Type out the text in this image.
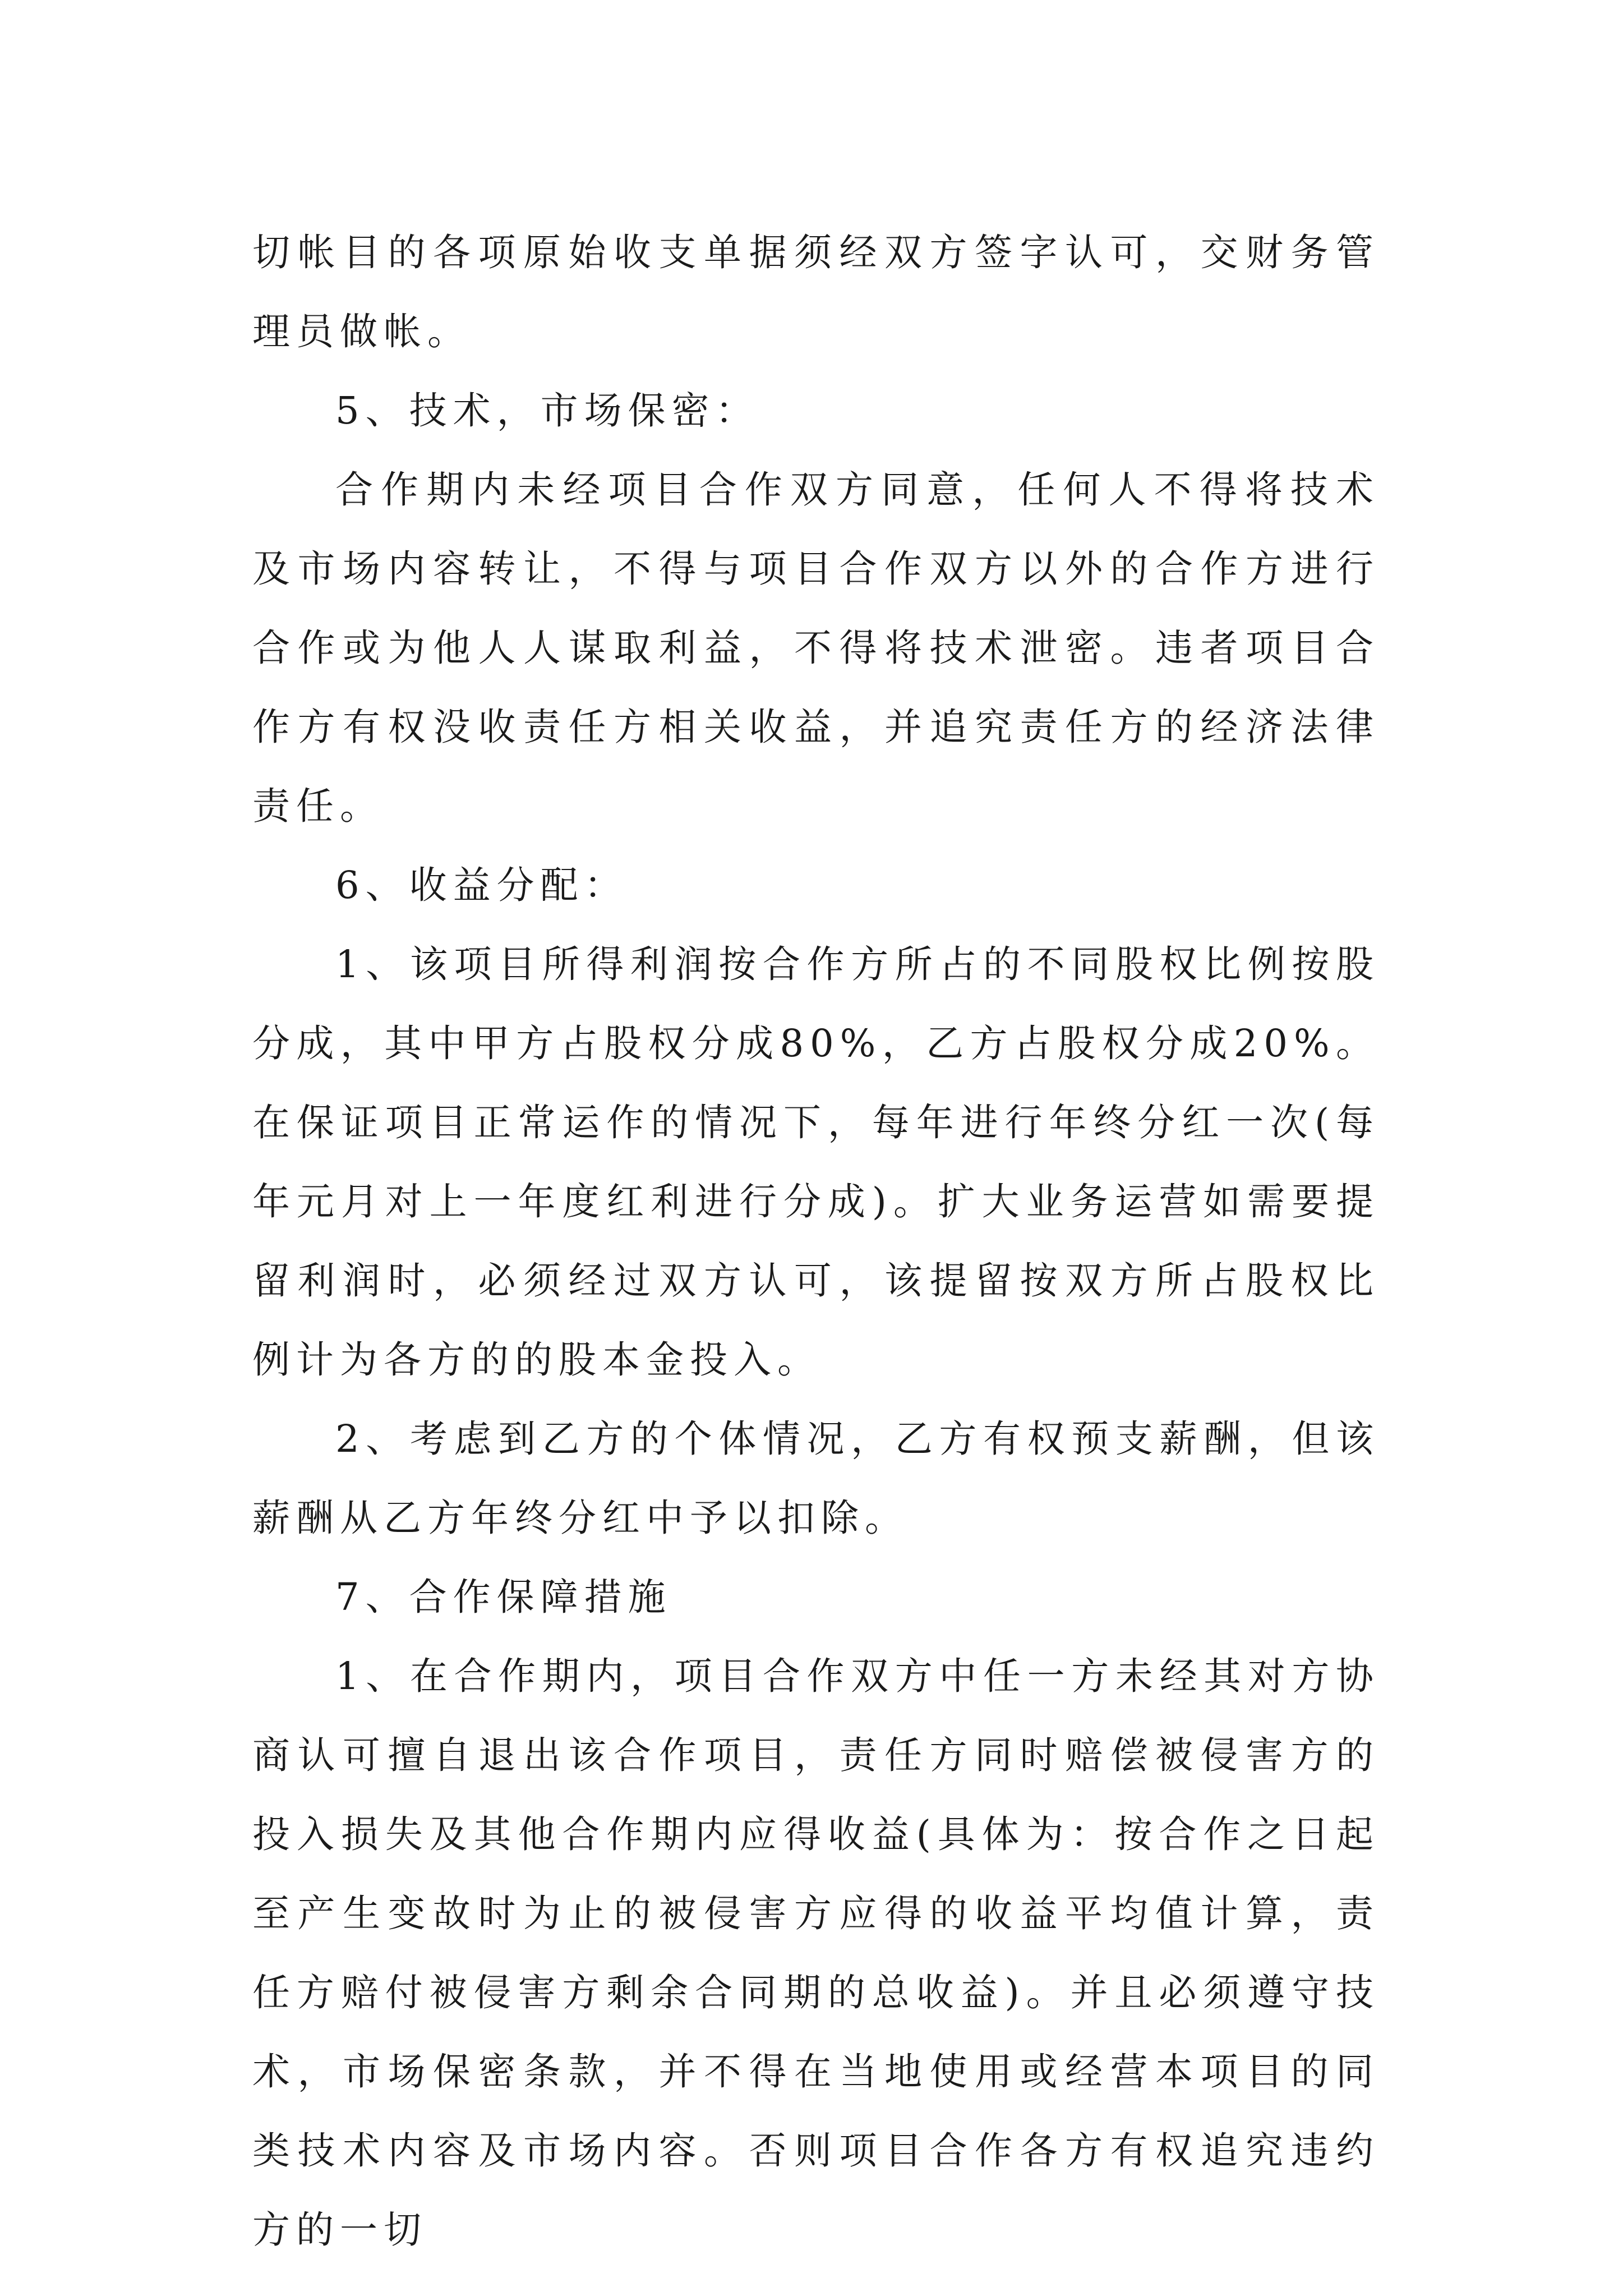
切帐目的各项原始收支单据须经双方签字认可，交财务管理员做帐。

5、技术，市场保密：

合作期内未经项目合作双方同意，任何人不得将技术及市场内容转让，不得与项目合作双方以外的合作方进行合作或为他人人谋取利益，不得将技术泄密。违者项目合作方有权没收责任方相关收益，并追究责任方的经济法律责任。

6、收益分配：

1、该项目所得利润按合作方所占的不同股权比例按股分成，其中甲方占股权分成80%，乙方占股权分成20%。在保证项目正常运作的情况下，每年进行年终分红一次(每年元月对上一年度红利进行分成)。扩大业务运营如需要提留利润时，必须经过双方认可，该提留按双方所占股权比例计为各方的的股本金投入。

2、考虑到乙方的个体情况，乙方有权预支薪酬，但该薪酬从乙方年终分红中予以扣除。

7、合作保障措施

1、在合作期内，项目合作双方中任一方未经其对方协商认可擅自退出该合作项目，责任方同时赔偿被侵害方的投入损失及其他合作期内应得收益(具体为：按合作之日起至产生变故时为止的被侵害方应得的收益平均值计算，责任方赔付被侵害方剩余合同期的总收益)。并且必须遵守技术，市场保密条款，并不得在当地使用或经营本项目的同类技术内容及市场内容。否则项目合作各方有权追究违约方的一切
